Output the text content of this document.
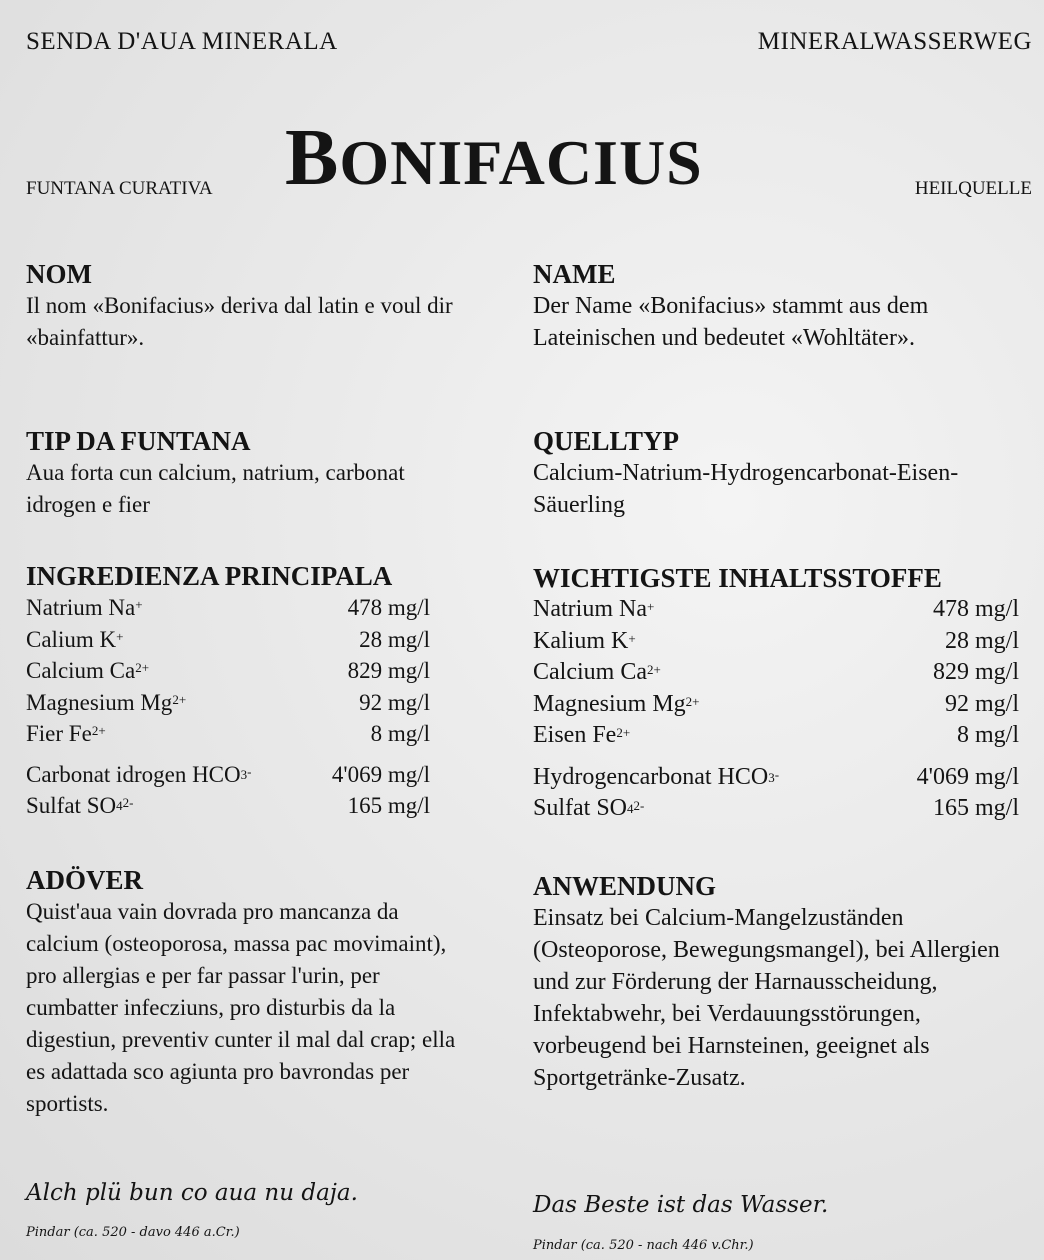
SENDA D'AUA MINERALA	MINERALWASSERWEG
FUNTANA CURATIVA	HEILQUELLE
BONIFACIUS
NOM

Il nom «Bonifacius» deriva dal latin e voul dir «bainfattur».

TIP DA FUNTANA

Aua forta cun calcium, natrium, carbonat idrogen e fier

INGREDIENZA PRINCIPALA
Natrium Na+	478 mg/l
Calium K+	28 mg/l
Calcium $Ca^{2+}$	829 mg/l
Magnesium $Mg^{2+}$	92 mg/l
Fier $Fe^{2+}$	8 mg/l
Carbonat idrogen HCO3-	4'069 mg/l
Sulfat $SO4^{2-}$	165 mg/l
ADÖVER

Quist'aua vain dovrada pro mancanza da calcium (osteoporosa, massa pac movimaint), pro allergias e per far passar l'urin, per cumbatter infecziuns, pro disturbis da la digestiun, preventiv cunter il mal dal crap; ella es adattada sco agiunta pro bavrondas per sportists.

Alch plü bun co aua nu daja.
Pindar (ca. 520 - davo 446 a.Cr.)
NAME

Der Name «Bonifacius» stammt aus dem Lateinischen und bedeutet «Wohltäter».

QUELLTYP

Calcium-Natrium-Hydrogencarbonat-Eisen-Säuerling

WICHTIGSTE INHALTSSTOFFE
Natrium Na+	478 mg/l
Kalium K+	28 mg/l
Calcium $Ca^{2+}$	829 mg/l
Magnesium $Mg^{2+}$	92 mg/l
Eisen $Fe^{2+}$	8 mg/l
Hydrogencarbonat HCO3-	4'069 mg/l
Sulfat $SO4^{2-}$	165 mg/l
ANWENDUNG

Einsatz bei Calcium-Mangelzuständen (Osteoporose, Bewegungsmangel), bei Allergien und zur Förderung der Harnausscheidung, Infektabwehr, bei Verdauungsstörungen, vorbeugend bei Harnsteinen, geeignet als Sportgetränke-Zusatz.

Das Beste ist das Wasser.
Pindar (ca. 520 - nach 446 v.Chr.)
